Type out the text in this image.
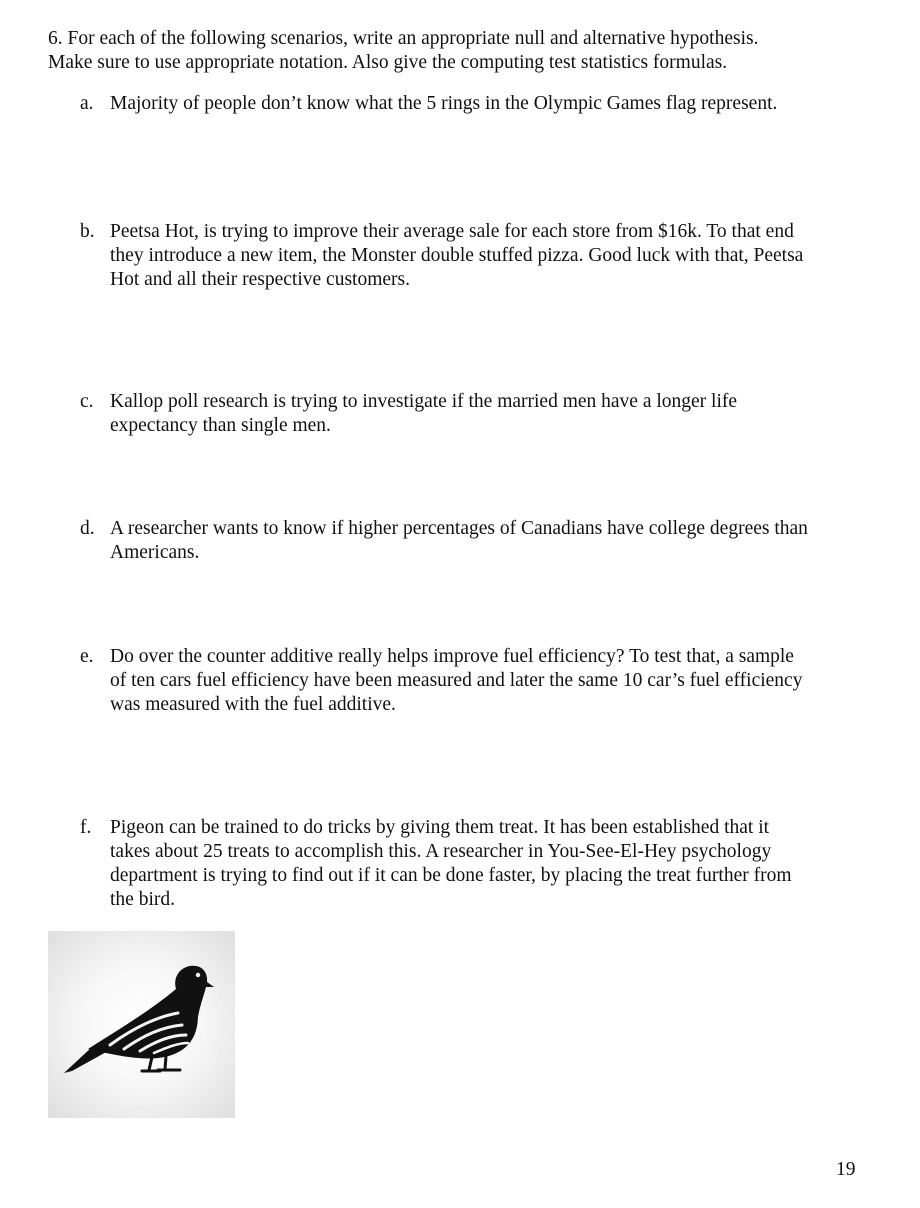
6. For each of the following scenarios, write an appropriate null and alternative hypothesis.
Make sure to use appropriate notation. Also give the computing test statistics formulas.
a. Majority of people don’t know what the 5 rings in the Olympic Games flag represent.
b. Peetsa Hot, is trying to improve their average sale for each store from $16k. To that end
they introduce a new item, the Monster double stuffed pizza. Good luck with that, Peetsa
Hot and all their respective customers.
c. Kallop poll research is trying to investigate if the married men have a longer life
expectancy than single men.
d. A researcher wants to know if higher percentages of Canadians have college degrees than
Americans.
e. Do over the counter additive really helps improve fuel efficiency? To test that, a sample
of ten cars fuel efficiency have been measured and later the same 10 car’s fuel efficiency
was measured with the fuel additive.
f. Pigeon can be trained to do tricks by giving them treat. It has been established that it
takes about 25 treats to accomplish this. A researcher in You-See-El-Hey psychology
department is trying to find out if it can be done faster, by placing the treat further from
the bird.
19
